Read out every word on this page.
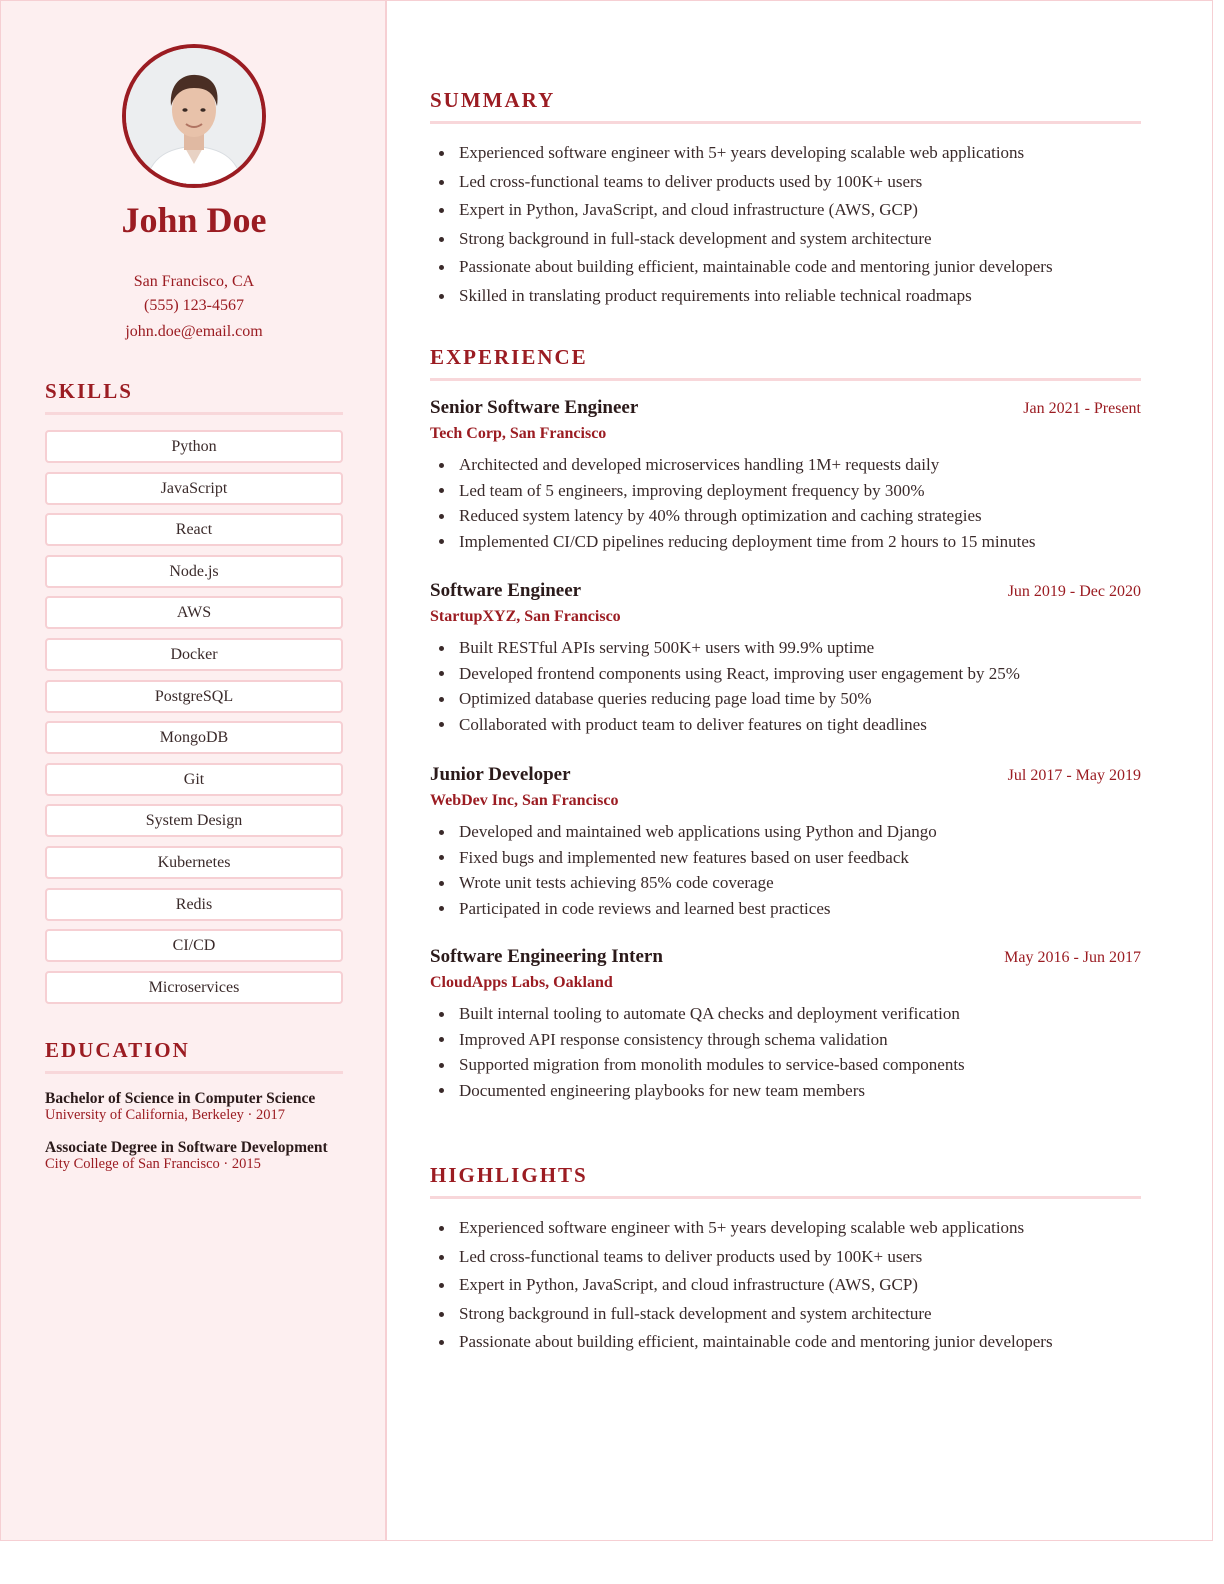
John Doe
San Francisco, CA
(555) 123-4567
john.doe@email.com
SKILLS
Python
JavaScript
React
Node.js
AWS
Docker
PostgreSQL
MongoDB
Git
System Design
Kubernetes
Redis
CI/CD
Microservices
EDUCATION
Bachelor of Science in Computer Science
University of California, Berkeley · 2017
Associate Degree in Software Development
City College of San Francisco · 2015
SUMMARY
Experienced software engineer with 5+ years developing scalable web applications
Led cross-functional teams to deliver products used by 100K+ users
Expert in Python, JavaScript, and cloud infrastructure (AWS, GCP)
Strong background in full-stack development and system architecture
Passionate about building efficient, maintainable code and mentoring junior developers
Skilled in translating product requirements into reliable technical roadmaps
EXPERIENCE
Senior Software Engineer	Jan 2021 - Present
Tech Corp, San Francisco
Architected and developed microservices handling 1M+ requests daily
Led team of 5 engineers, improving deployment frequency by 300%
Reduced system latency by 40% through optimization and caching strategies
Implemented CI/CD pipelines reducing deployment time from 2 hours to 15 minutes
Software Engineer	Jun 2019 - Dec 2020
StartupXYZ, San Francisco
Built RESTful APIs serving 500K+ users with 99.9% uptime
Developed frontend components using React, improving user engagement by 25%
Optimized database queries reducing page load time by 50%
Collaborated with product team to deliver features on tight deadlines
Junior Developer	Jul 2017 - May 2019
WebDev Inc, San Francisco
Developed and maintained web applications using Python and Django
Fixed bugs and implemented new features based on user feedback
Wrote unit tests achieving 85% code coverage
Participated in code reviews and learned best practices
Software Engineering Intern	May 2016 - Jun 2017
CloudApps Labs, Oakland
Built internal tooling to automate QA checks and deployment verification
Improved API response consistency through schema validation
Supported migration from monolith modules to service-based components
Documented engineering playbooks for new team members
HIGHLIGHTS
Experienced software engineer with 5+ years developing scalable web applications
Led cross-functional teams to deliver products used by 100K+ users
Expert in Python, JavaScript, and cloud infrastructure (AWS, GCP)
Strong background in full-stack development and system architecture
Passionate about building efficient, maintainable code and mentoring junior developers
